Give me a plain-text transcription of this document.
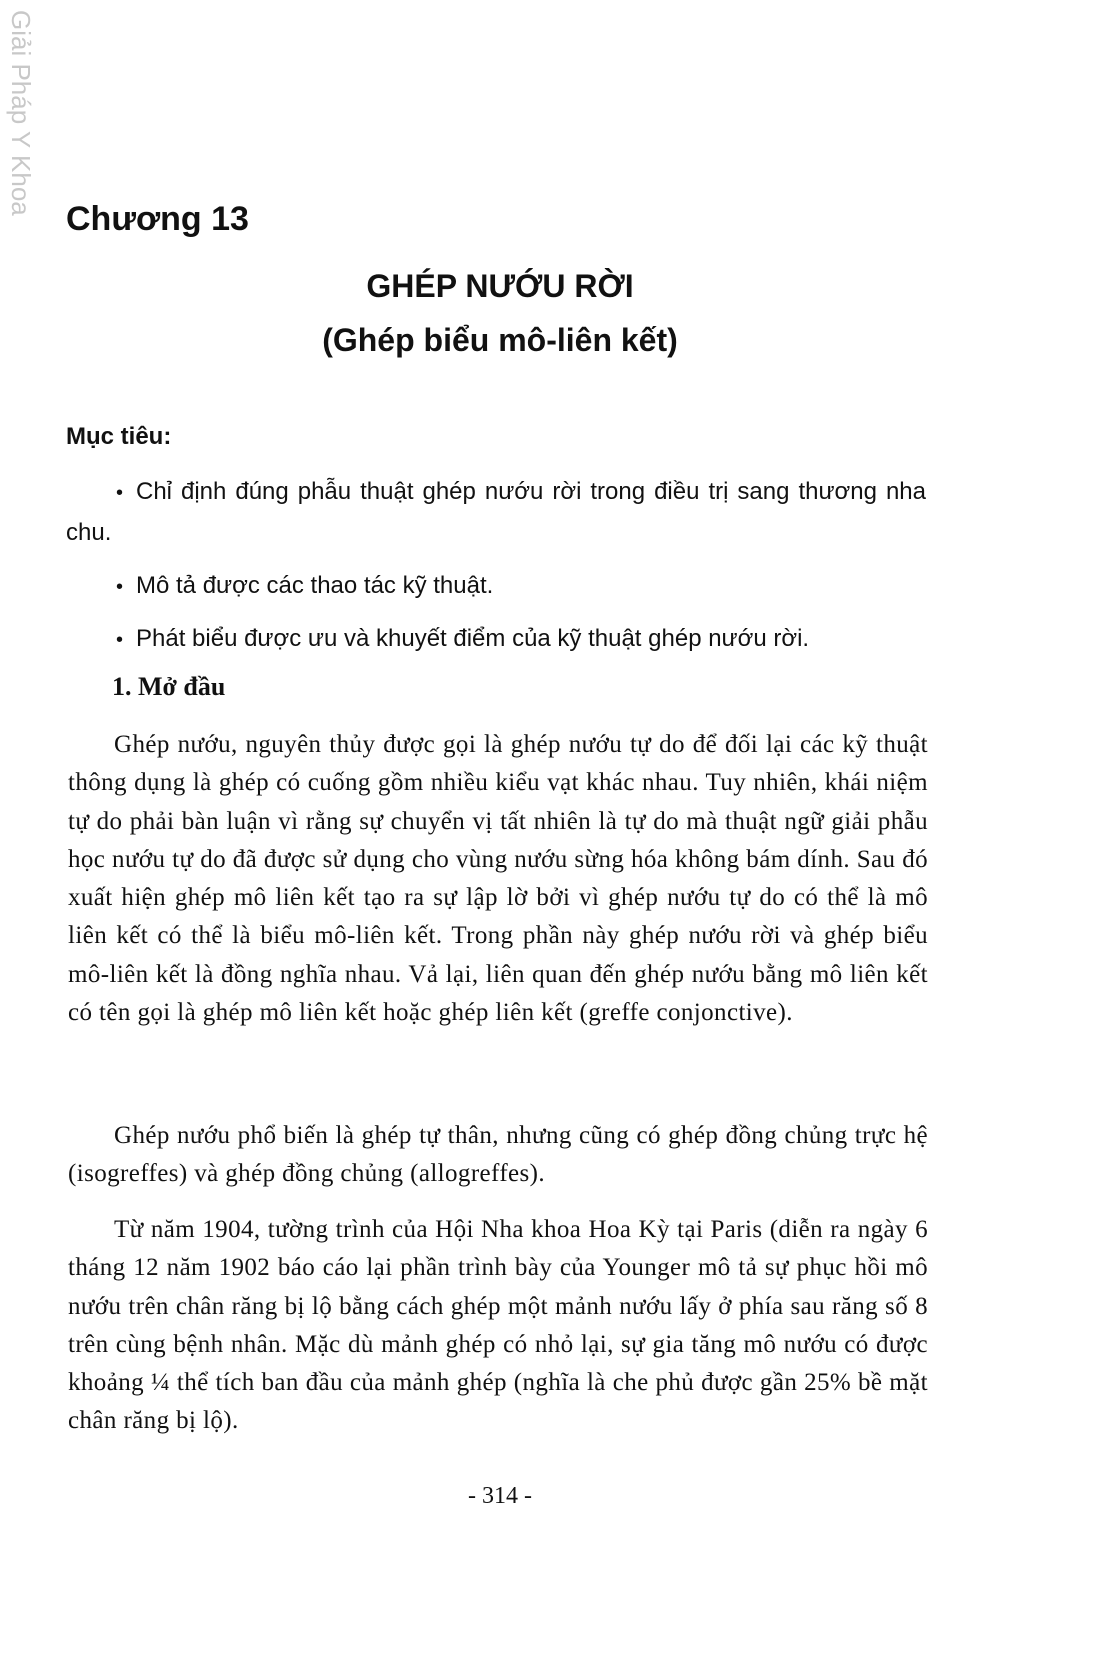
Giải Pháp Y Khoa
Chương 13
GHÉP NƯỚU RỜI
(Ghép biểu mô-liên kết)
Mục tiêu:
• Chỉ định đúng phẫu thuật ghép nướu rời trong điều trị sang thương nha chu.
• Mô tả được các thao tác kỹ thuật.
• Phát biểu được ưu và khuyết điểm của kỹ thuật ghép nướu rời.
1. Mở đầu

Ghép nướu, nguyên thủy được gọi là ghép nướu tự do để đối lại các kỹ thuật thông dụng là ghép có cuống gồm nhiều kiểu vạt khác nhau. Tuy nhiên, khái niệm tự do phải bàn luận vì rằng sự chuyển vị tất nhiên là tự do mà thuật ngữ giải phẫu học nướu tự do đã được sử dụng cho vùng nướu sừng hóa không bám dính. Sau đó xuất hiện ghép mô liên kết tạo ra sự lập lờ bởi vì ghép nướu tự do có thể là mô liên kết có thể là biểu mô-liên kết. Trong phần này ghép nướu rời và ghép biểu mô-liên kết là đồng nghĩa nhau. Vả lại, liên quan đến ghép nướu bằng mô liên kết có tên gọi là ghép mô liên kết hoặc ghép liên kết (greffe conjonctive).

Ghép nướu phổ biến là ghép tự thân, nhưng cũng có ghép đồng chủng trực hệ (isogreffes) và ghép đồng chủng (allogreffes).

Từ năm 1904, tường trình của Hội Nha khoa Hoa Kỳ tại Paris (diễn ra ngày 6 tháng 12 năm 1902 báo cáo lại phần trình bày của Younger mô tả sự phục hồi mô nướu trên chân răng bị lộ bằng cách ghép một mảnh nướu lấy ở phía sau răng số 8 trên cùng bệnh nhân. Mặc dù mảnh ghép có nhỏ lại, sự gia tăng mô nướu có được khoảng ¼ thể tích ban đầu của mảnh ghép (nghĩa là che phủ được gần 25% bề mặt chân răng bị lộ).

- 314 -
